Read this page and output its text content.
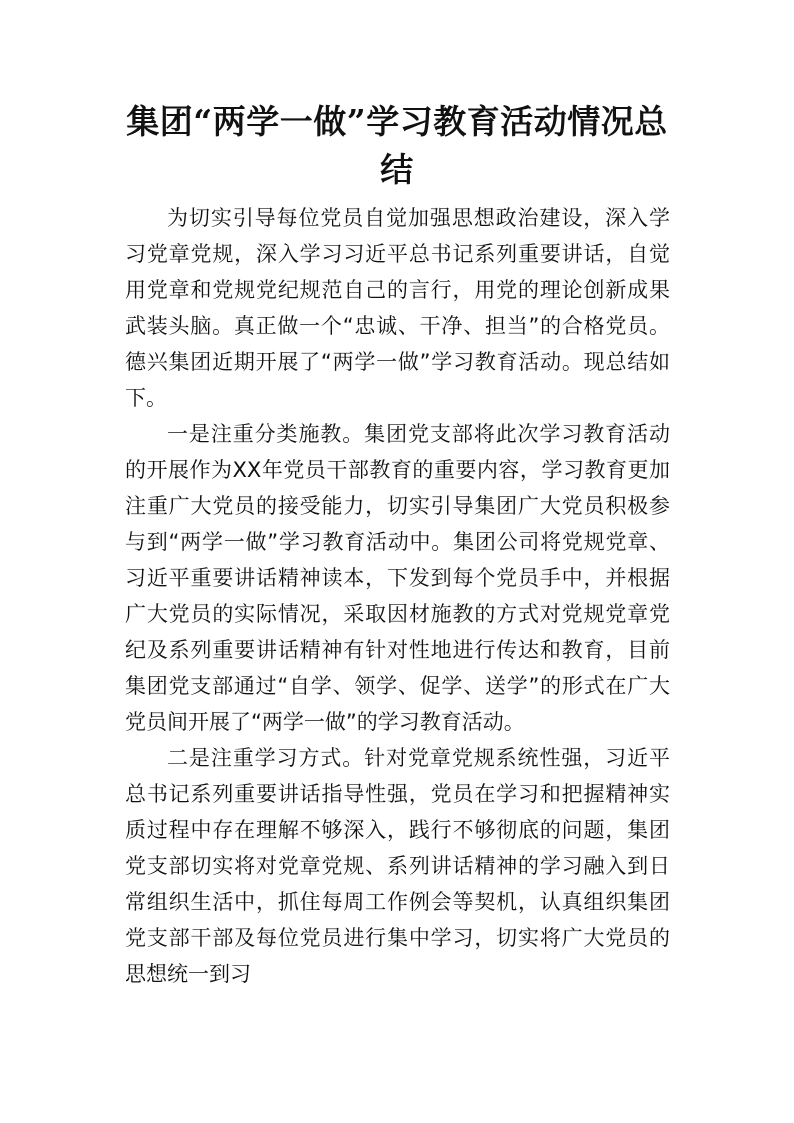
集团“两学一做”学习教育活动情况总结

为切实引导每位党员自觉加强思想政治建设，深入学习党章党规，深入学习习近平总书记系列重要讲话，自觉用党章和党规党纪规范自己的言行，用党的理论创新成果武装头脑。真正做一个“忠诚、干净、担当”的合格党员。德兴集团近期开展了“两学一做”学习教育活动。现总结如下。

一是注重分类施教。集团党支部将此次学习教育活动的开展作为XX年党员干部教育的重要内容，学习教育更加注重广大党员的接受能力，切实引导集团广大党员积极参与到“两学一做”学习教育活动中。集团公司将党规党章、习近平重要讲话精神读本，下发到每个党员手中，并根据广大党员的实际情况，采取因材施教的方式对党规党章党纪及系列重要讲话精神有针对性地进行传达和教育，目前集团党支部通过“自学、领学、促学、送学”的形式在广大党员间开展了“两学一做”的学习教育活动。

二是注重学习方式。针对党章党规系统性强，习近平总书记系列重要讲话指导性强，党员在学习和把握精神实质过程中存在理解不够深入，践行不够彻底的问题，集团党支部切实将对党章党规、系列讲话精神的学习融入到日常组织生活中，抓住每周工作例会等契机，认真组织集团党支部干部及每位党员进行集中学习，切实将广大党员的思想统一到习
